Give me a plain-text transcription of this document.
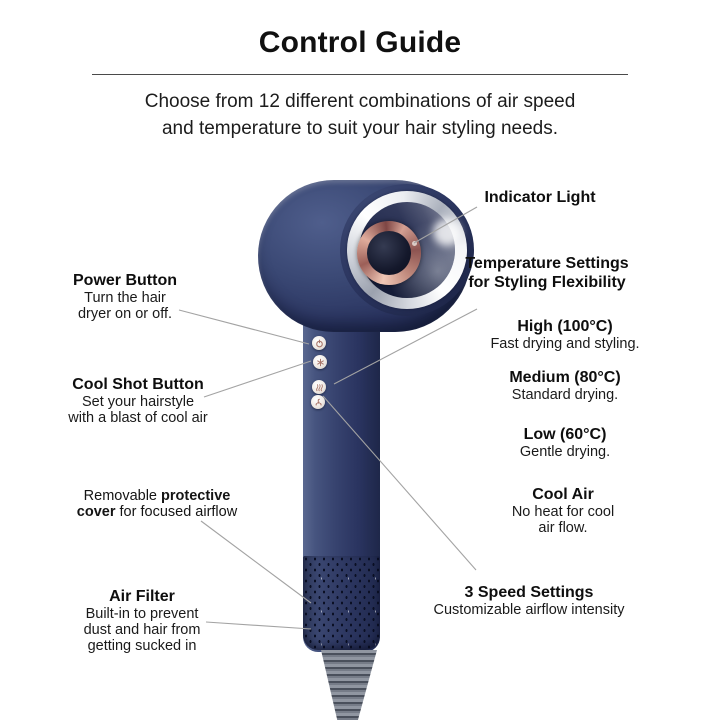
Control Guide
Choose from 12 different combinations of air speed
and temperature to suit your hair styling needs.
Power Button
Turn the hair
dryer on or off.
Cool Shot Button
Set your hairstyle
with a blast of cool air
Removable protective
cover for focused airflow
Air Filter
Built-in to prevent
dust and hair from
getting sucked in
Indicator Light
Temperature Settings
for Styling Flexibility
High (100°C)
Fast drying and styling.
Medium (80°C)
Standard drying.
Low (60°C)
Gentle drying.
Cool Air
No heat for cool
air flow.
3 Speed Settings
Customizable airflow intensity
